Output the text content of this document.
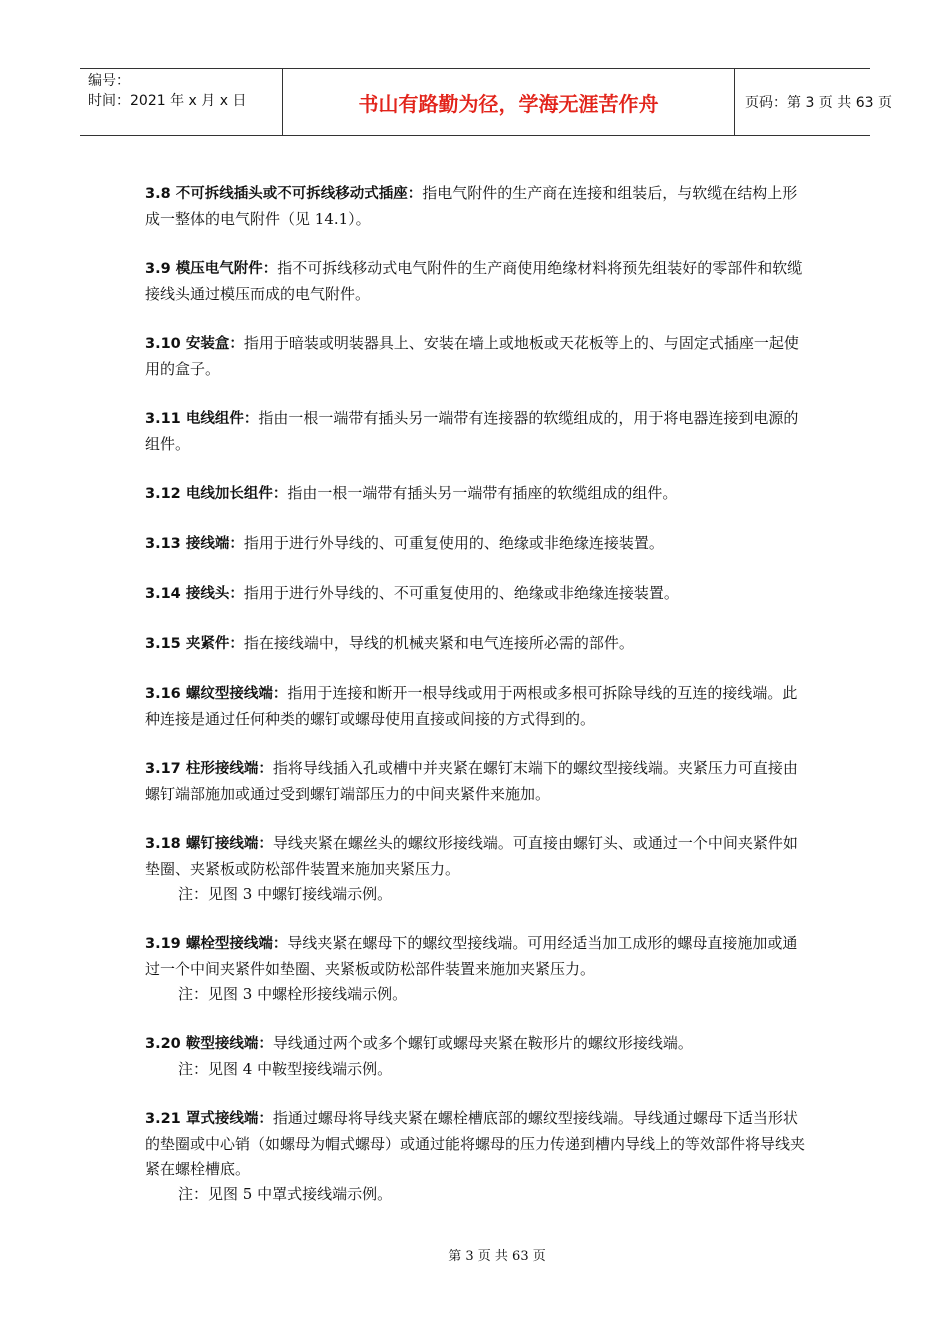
编号：
时间：2021 年 x 月 x 日	书山有路勤为径，学海无涯苦作舟	页码：第 3 页 共 63 页

3.8 不可拆线插头或不可拆线移动式插座：指电气附件的生产商在连接和组装后，与软缆在结构上形成一整体的电气附件（见 14.1）。

3.9 模压电气附件：指不可拆线移动式电气附件的生产商使用绝缘材料将预先组装好的零部件和软缆接线头通过模压而成的电气附件。

3.10 安装盒：指用于暗装或明装器具上、安装在墙上或地板或天花板等上的、与固定式插座一起使用的盒子。

3.11 电线组件：指由一根一端带有插头另一端带有连接器的软缆组成的，用于将电器连接到电源的组件。

3.12 电线加长组件：指由一根一端带有插头另一端带有插座的软缆组成的组件。

3.13 接线端：指用于进行外导线的、可重复使用的、绝缘或非绝缘连接装置。

3.14 接线头：指用于进行外导线的、不可重复使用的、绝缘或非绝缘连接装置。

3.15 夹紧件：指在接线端中，导线的机械夹紧和电气连接所必需的部件。

3.16 螺纹型接线端：指用于连接和断开一根导线或用于两根或多根可拆除导线的互连的接线端。此种连接是通过任何种类的螺钉或螺母使用直接或间接的方式得到的。

3.17 柱形接线端：指将导线插入孔或槽中并夹紧在螺钉末端下的螺纹型接线端。夹紧压力可直接由螺钉端部施加或通过受到螺钉端部压力的中间夹紧件来施加。

3.18 螺钉接线端：导线夹紧在螺丝头的螺纹形接线端。可直接由螺钉头、或通过一个中间夹紧件如垫圈、夹紧板或防松部件装置来施加夹紧压力。

注：见图 3 中螺钉接线端示例。

3.19 螺栓型接线端：导线夹紧在螺母下的螺纹型接线端。可用经适当加工成形的螺母直接施加或通过一个中间夹紧件如垫圈、夹紧板或防松部件装置来施加夹紧压力。

注：见图 3 中螺栓形接线端示例。

3.20 鞍型接线端：导线通过两个或多个螺钉或螺母夹紧在鞍形片的螺纹形接线端。

注：见图 4 中鞍型接线端示例。

3.21 罩式接线端：指通过螺母将导线夹紧在螺栓槽底部的螺纹型接线端。导线通过螺母下适当形状的垫圈或中心销（如螺母为帽式螺母）或通过能将螺母的压力传递到槽内导线上的等效部件将导线夹紧在螺栓槽底。

注：见图 5 中罩式接线端示例。

第 3 页 共 63 页
